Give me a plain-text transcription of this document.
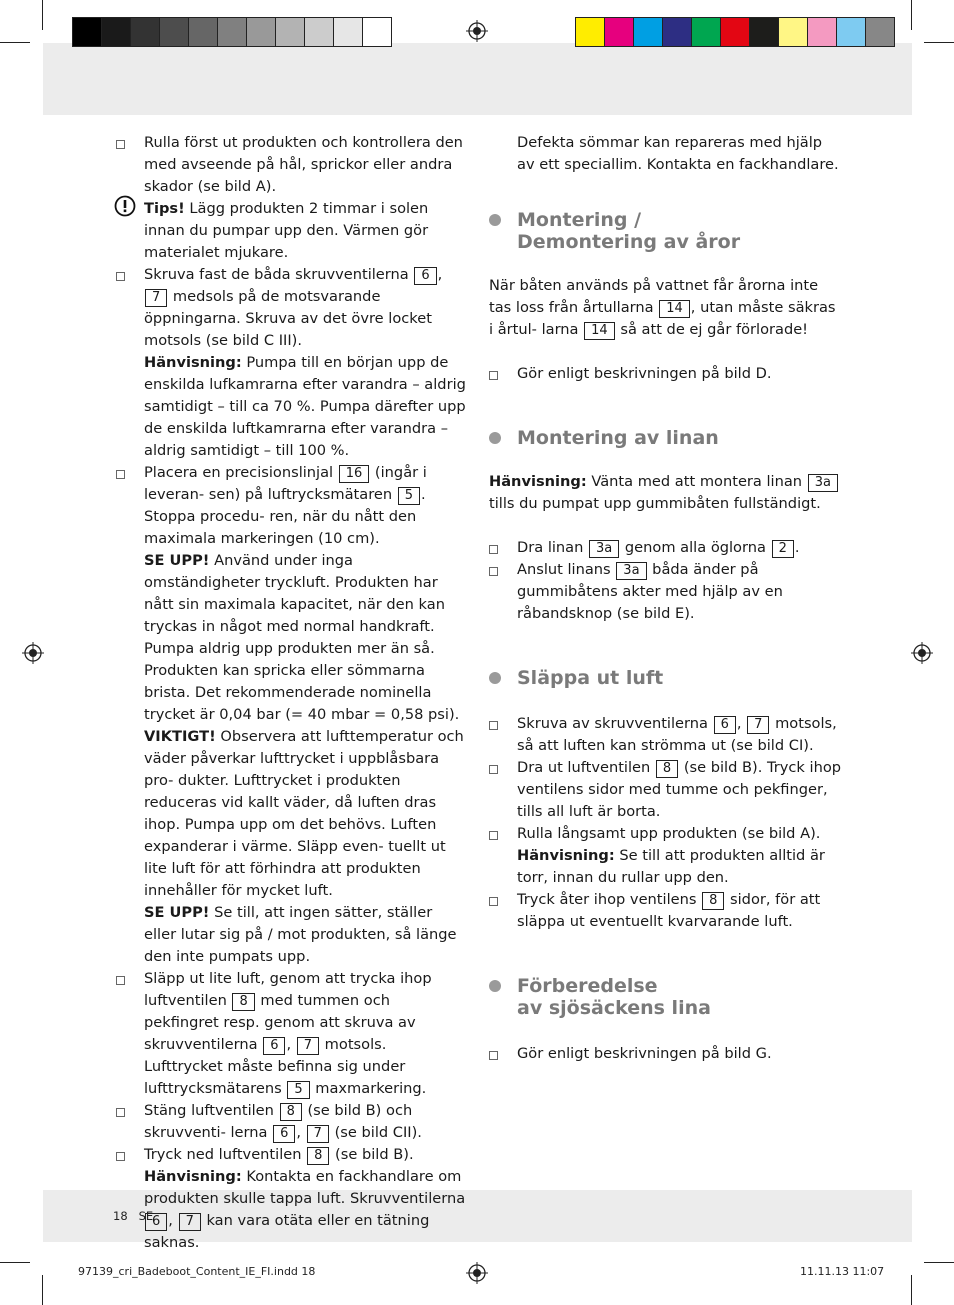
Rulla först ut produkten och kontrollera den med avseende på hål, sprickor eller andra skador (se bild A).
Tips! Lägg produkten 2 timmar i solen innan du pumpar upp den. Värmen gör materialet mjukare.
Skruva fast de båda skruvventilerna 6 , 7 medsols på de motsvarande öppningarna. Skruva av det övre locket motsols (se bild C III).
Hänvisning: Pumpa till en början upp de enskilda lufkamrarna efter varandra – aldrig samtidigt – till ca 70 %. Pumpa därefter upp de enskilda luftkamrarna efter varandra – aldrig samtidigt – till 100 %.
Placera en precisionslinjal 16 (ingår i leveran- sen) på luftrycksmätaren 5 . Stoppa procedu- ren, när du nått den maximala markeringen (10 cm).
SE UPP! Använd under inga omständigheter tryckluft. Produkten har nått sin maximala kapacitet, när den kan tryckas in något med normal handkraft. Pumpa aldrig upp produkten mer än så. Produkten kan spricka eller sömmarna brista. Det rekommenderade nominella trycket är 0,04 bar (= 40 mbar = 0,58 psi).
VIKTIGT! Observera att lufttemperatur och väder påverkar lufttrycket i uppblåsbara pro- dukter. Lufttrycket i produkten reduceras vid kallt väder, då luften dras ihop. Pumpa upp om det behövs. Luften expanderar i värme. Släpp even- tuellt ut lite luft för att förhindra att produkten innehåller för mycket luft.
SE UPP! Se till, att ingen sätter, ställer eller lutar sig på / mot produkten, så länge den inte pumpats upp.
Släpp ut lite luft, genom att trycka ihop luftventilen 8 med tummen och pekfingret resp. genom att skruva av skruvventilerna 6 , 7 motsols. Lufttrycket måste befinna sig under lufttrycksmätarens 5 maxmarkering.
Stäng luftventilen 8 (se bild B) och skruvventi- lerna 6 , 7 (se bild CII).
Tryck ned luftventilen 8 (se bild B).
Hänvisning: Kontakta en fackhandlare om produkten skulle tappa luft. Skruvventilerna 6 , 7 kan vara otäta eller en tätning saknas.
Defekta sömmar kan repareras med hjälp av ett speciallim. Kontakta en fackhandlare.
Montering /
Demontering av åror
När båten används på vattnet får årorna inte tas loss från årtullarna 14 , utan måste säkras i årtul- larna 14 så att de ej går förlorade!
Gör enligt beskrivningen på bild D.
Montering av linan
Hänvisning: Vänta med att montera linan 3a tills du pumpat upp gummibåten fullständigt.
Dra linan 3a genom alla öglorna 2 .
Anslut linans 3a båda änder på gummibåtens akter med hjälp av en råbandsknop (se bild E).
Släppa ut luft
Skruva av skruvventilerna 6 , 7 motsols, så att luften kan strömma ut (se bild CI).
Dra ut luftventilen 8 (se bild B). Tryck ihop ventilens sidor med tumme och pekfinger, tills all luft är borta.
Rulla långsamt upp produkten (se bild A).
Hänvisning: Se till att produkten alltid är torr, innan du rullar upp den.
Tryck åter ihop ventilens 8 sidor, för att släppa ut eventuellt kvarvarande luft.
Förberedelse
av sjösäckens lina
Gör enligt beskrivningen på bild G.
18 SE
97139_cri_Badeboot_Content_IE_FI.indd 18	11.11.13 11:07
